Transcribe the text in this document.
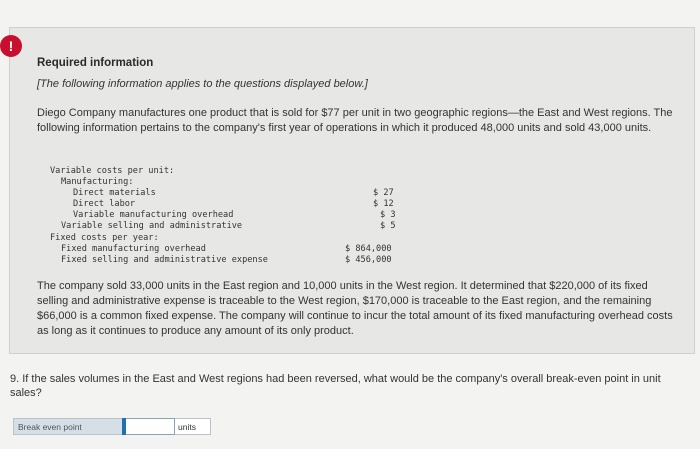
!
Required information
[The following information applies to the questions displayed below.]
Diego Company manufactures one product that is sold for $77 per unit in two geographic regions—the East and West regions. The following information pertains to the company's first year of operations in which it produced 48,000 units and sold 43,000 units.
Variable costs per unit:
Manufacturing:
Direct materials	$ 27
Direct labor	$ 12
Variable manufacturing overhead	$ 3
Variable selling and administrative	$ 5
Fixed costs per year:
Fixed manufacturing overhead	$ 864,000
Fixed selling and administrative expense	$ 456,000
The company sold 33,000 units in the East region and 10,000 units in the West region. It determined that $220,000 of its fixed selling and administrative expense is traceable to the West region, $170,000 is traceable to the East region, and the remaining $66,000 is a common fixed expense. The company will continue to incur the total amount of its fixed manufacturing overhead costs as long as it continues to produce any amount of its only product.
9. If the sales volumes in the East and West regions had been reversed, what would be the company's overall break-even point in unit sales?
Break even point	units
